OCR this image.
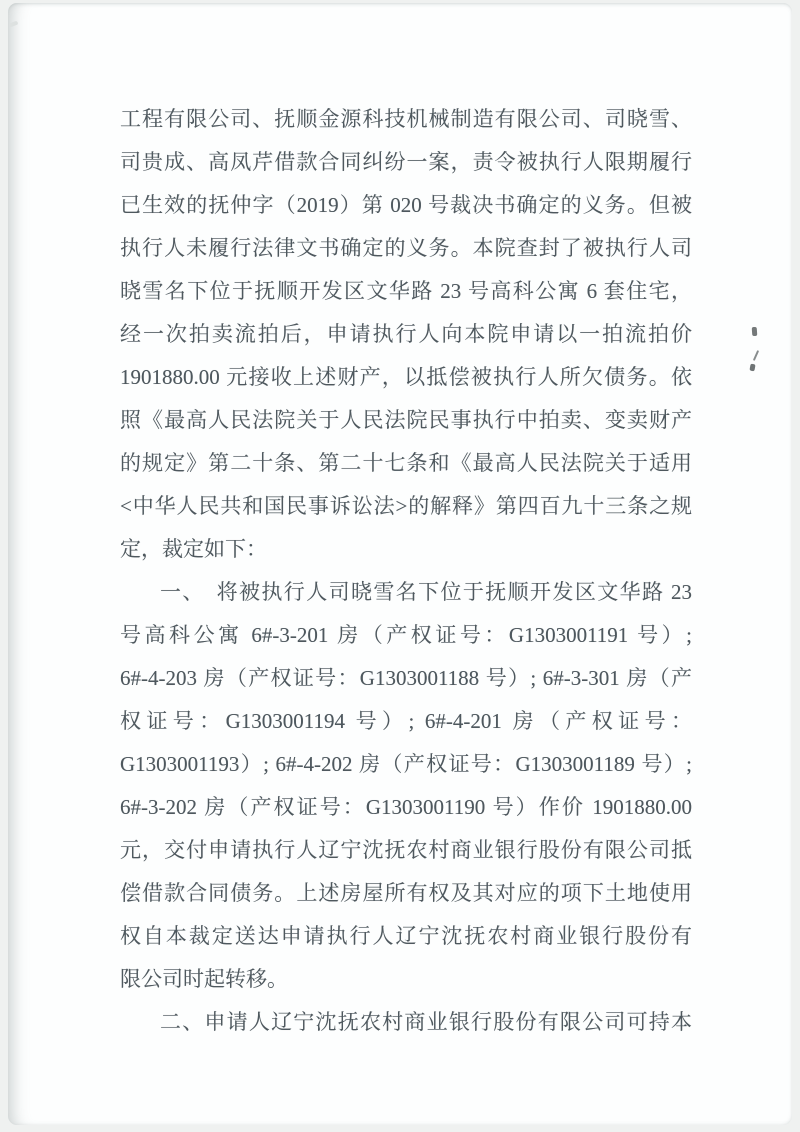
工程有限公司、抚顺金源科技机械制造有限公司、司晓雪、
司贵成、高凤芹借款合同纠纷一案，责令被执行人限期履行
已生效的抚仲字（2019）第 020 号裁决书确定的义务。但被
执行人未履行法律文书确定的义务。本院查封了被执行人司
晓雪名下位于抚顺开发区文华路 23 号高科公寓 6 套住宅，
经一次拍卖流拍后，申请执行人向本院申请以一拍流拍价
1901880.00 元接收上述财产，以抵偿被执行人所欠债务。依
照《最高人民法院关于人民法院民事执行中拍卖、变卖财产
的规定》第二十条、第二十七条和《最高人民法院关于适用
<中华人民共和国民事诉讼法>的解释》第四百九十三条之规
定，裁定如下：
一、　将被执行人司晓雪名下位于抚顺开发区文华路 23
号高科公寓 6#-3-201 房（产权证号：G1303001191 号）;
6#-4-203 房（产权证号：G1303001188 号）; 6#-3-301 房（产
权证号：G1303001194 号）; 6#-4-201 房（产权证号：
G1303001193）; 6#-4-202 房（产权证号：G1303001189 号）;
6#-3-202 房（产权证号：G1303001190 号）作价 1901880.00
元，交付申请执行人辽宁沈抚农村商业银行股份有限公司抵
偿借款合同债务。上述房屋所有权及其对应的项下土地使用
权自本裁定送达申请执行人辽宁沈抚农村商业银行股份有
限公司时起转移。
二、申请人辽宁沈抚农村商业银行股份有限公司可持本
